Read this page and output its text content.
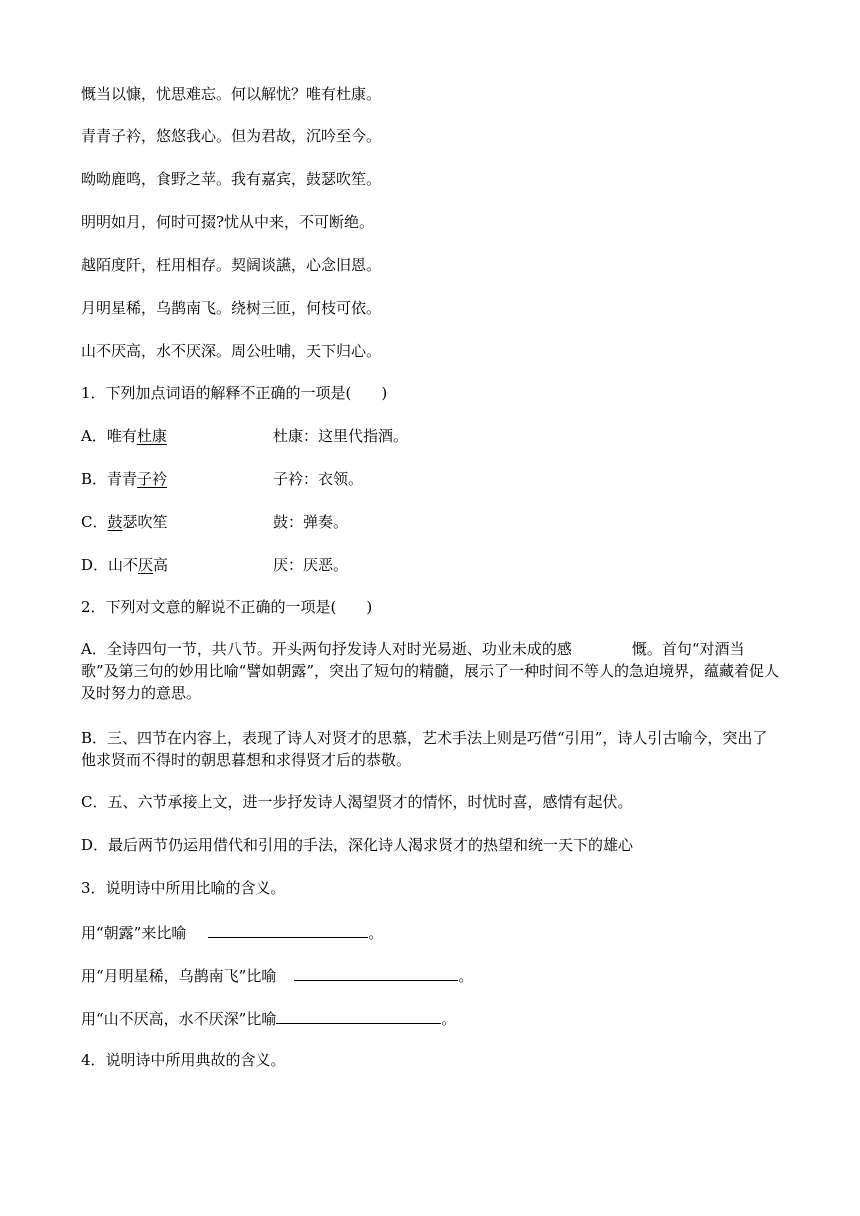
慨当以慷，忧思难忘。何以解忧？唯有杜康。
青青子衿，悠悠我心。但为君故，沉吟至今。
呦呦鹿鸣，食野之苹。我有嘉宾，鼓瑟吹笙。
明明如月，何时可掇?忧从中来，不可断绝。
越陌度阡，枉用相存。契阔谈讌，心念旧恩。
月明星稀，乌鹊南飞。绕树三匝，何枝可依。
山不厌高，水不厌深。周公吐哺，天下归心。
1．下列加点词语的解释不正确的一项是(　　)
A．唯有杜康	杜康：这里代指酒。
B．青青子衿	子衿：衣领。
C．鼓瑟吹笙	鼓：弹奏。
D．山不厌高	厌：厌恶。
2．下列对文意的解说不正确的一项是(　　)
A．全诗四句一节，共八节。开头两句抒发诗人对时光易逝、功业未成的感　　　　慨。首句“对酒当歌”及第三句的妙用比喻“譬如朝露”，突出了短句的精髓，展示了一种时间不等人的急迫境界，蕴藏着促人及时努力的意思。
B．三、四节在内容上，表现了诗人对贤才的思慕，艺术手法上则是巧借“引用”，诗人引古喻今，突出了他求贤而不得时的朝思暮想和求得贤才后的恭敬。
C．五、六节承接上文，进一步抒发诗人渴望贤才的情怀，时忧时喜，感情有起伏。
D．最后两节仍运用借代和引用的手法，深化诗人渴求贤才的热望和统一天下的雄心
3．说明诗中所用比喻的含义。
用“朝露”来比喻	。
用“月明星稀，乌鹊南飞”比喻	。
用“山不厌高，水不厌深”比喻	。
4．说明诗中所用典故的含义。
